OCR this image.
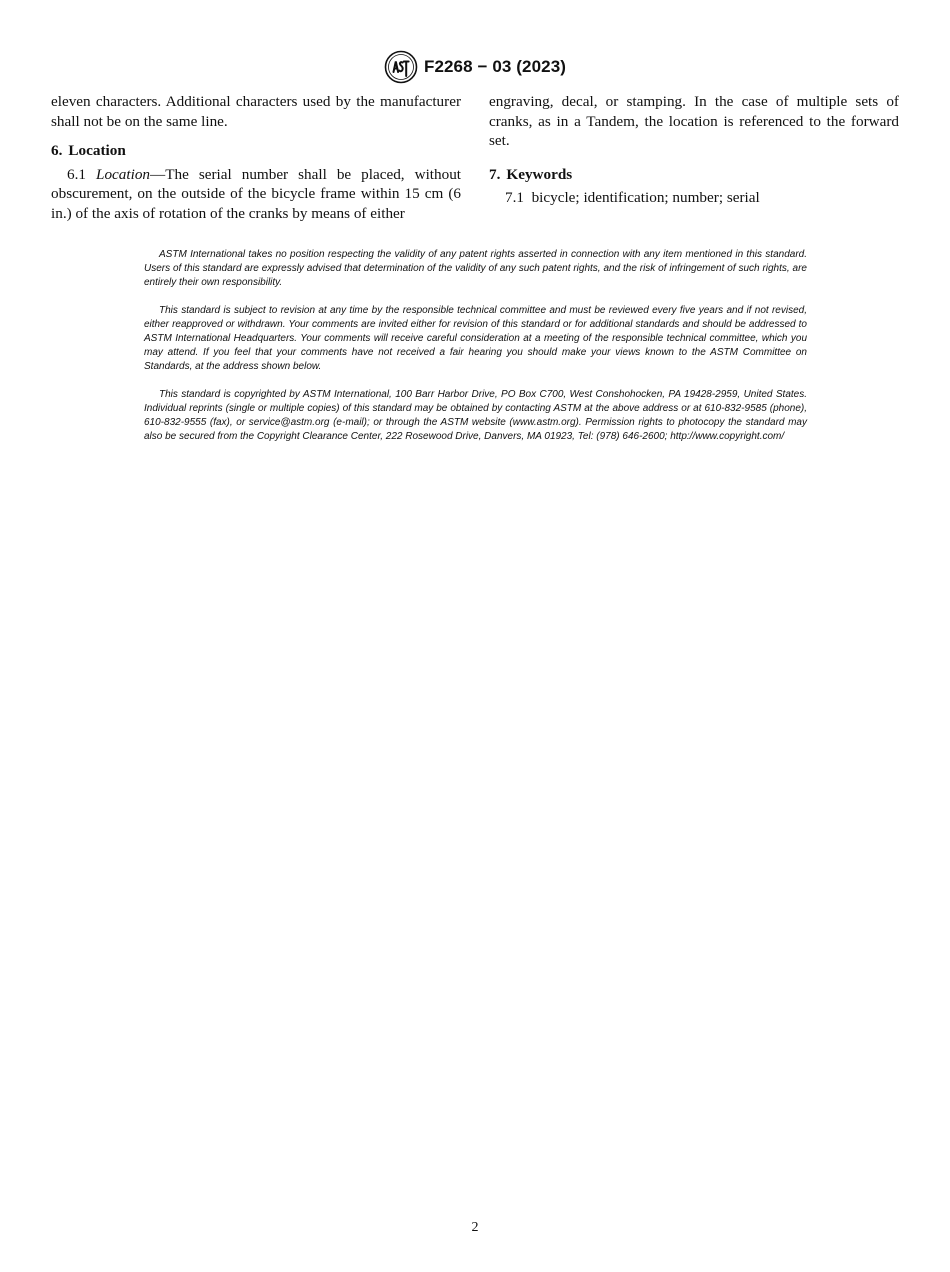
F2268 − 03 (2023)

eleven characters. Additional characters used by the manufacturer shall not be on the same line.

6. Location

6.1 Location—The serial number shall be placed, without obscurement, on the outside of the bicycle frame within 15 cm (6 in.) of the axis of rotation of the cranks by means of either

engraving, decal, or stamping. In the case of multiple sets of cranks, as in a Tandem, the location is referenced to the forward set.

7. Keywords

7.1 bicycle; identification; number; serial

ASTM International takes no position respecting the validity of any patent rights asserted in connection with any item mentioned in this standard. Users of this standard are expressly advised that determination of the validity of any such patent rights, and the risk of infringement of such rights, are entirely their own responsibility.

This standard is subject to revision at any time by the responsible technical committee and must be reviewed every five years and if not revised, either reapproved or withdrawn. Your comments are invited either for revision of this standard or for additional standards and should be addressed to ASTM International Headquarters. Your comments will receive careful consideration at a meeting of the responsible technical committee, which you may attend. If you feel that your comments have not received a fair hearing you should make your views known to the ASTM Committee on Standards, at the address shown below.

This standard is copyrighted by ASTM International, 100 Barr Harbor Drive, PO Box C700, West Conshohocken, PA 19428-2959, United States. Individual reprints (single or multiple copies) of this standard may be obtained by contacting ASTM at the above address or at 610-832-9585 (phone), 610-832-9555 (fax), or service@astm.org (e-mail); or through the ASTM website (www.astm.org). Permission rights to photocopy the standard may also be secured from the Copyright Clearance Center, 222 Rosewood Drive, Danvers, MA 01923, Tel: (978) 646-2600; http://www.copyright.com/

2
